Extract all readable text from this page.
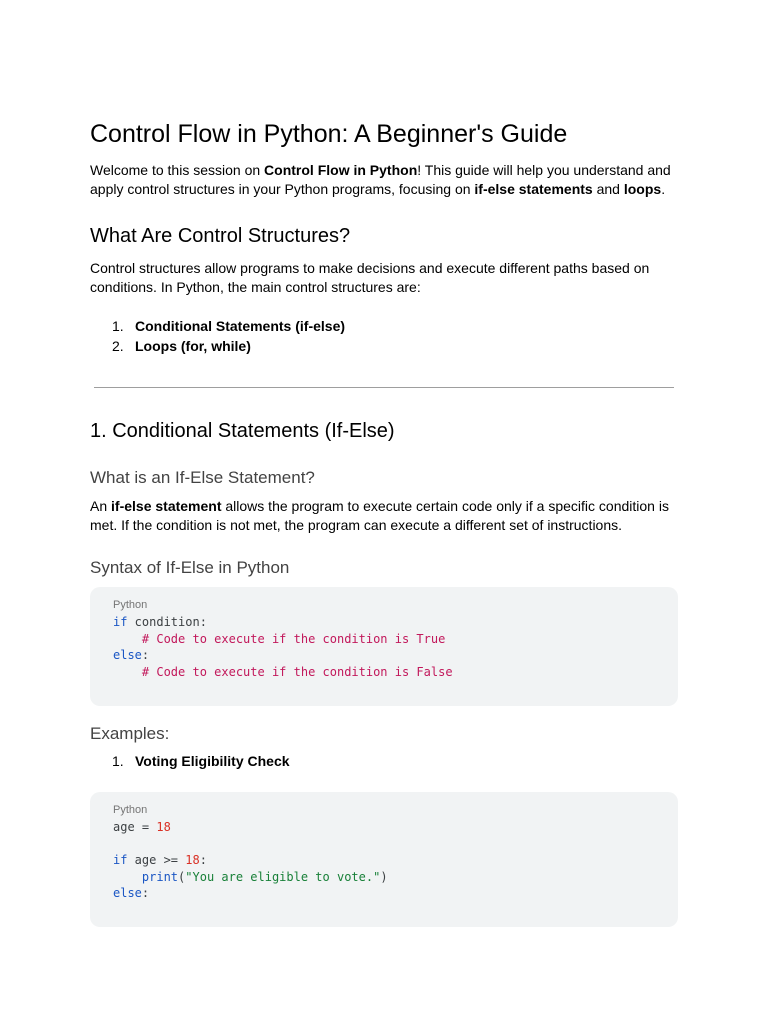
Control Flow in Python: A Beginner's Guide

Welcome to this session on Control Flow in Python! This guide will help you understand and apply control structures in your Python programs, focusing on if-else statements and loops.

What Are Control Structures?

Control structures allow programs to make decisions and execute different paths based on conditions. In Python, the main control structures are:

1. Conditional Statements (if-else)
2. Loops (for, while)
1. Conditional Statements (If-Else)
What is an If-Else Statement?

An if-else statement allows the program to execute certain code only if a specific condition is met. If the condition is not met, the program can execute a different set of instructions.

Syntax of If-Else in Python
Python
if condition:
# Code to execute if the condition is True
else:
# Code to execute if the condition is False
Examples:
1. Voting Eligibility Check
Python
age = 18
if age >= 18:
print("You are eligible to vote.")
else:
